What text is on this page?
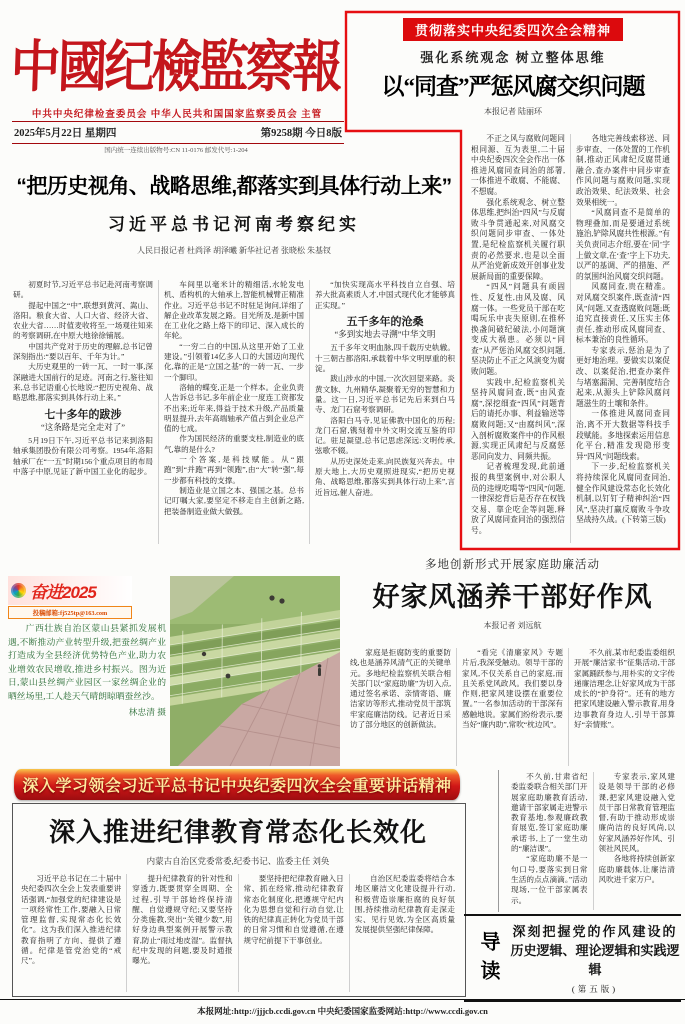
中國纪檢監察報
中共中央纪律检查委员会 中华人民共和国国家监察委员会 主管
2025年5月22日 星期四	第9258期 今日8版
国内统一连续出版物号:CN 11-0176 邮发代号:1-204
贯彻落实中央纪委四次全会精神
强化系统观念 树立整体思维
以“同查”严惩风腐交织问题
本报记者 陆丽环

不正之风与腐败问题同根同源、互为表里,二十届中央纪委四次全会作出一体推进风腐同查同治的部署,一体推进不敢腐、不能腐、不想腐。

强化系统观念、树立整体思维,把纠治“四风”与反腐败斗争贯通起来,对风腐交织问题同步审查、一体处置,是纪检监察机关履行职责的必然要求,也是以全面从严治党新成效开创事业发展新局面的重要保障。

“四风”问题具有顽固性、反复性,由风及腐、风腐一体。一些党员干部在吃喝玩乐中丧失原则,在推杯换盏间破纪破法,小问题演变成大祸患。必须以“同查”从严惩治风腐交织问题,坚决防止不正之风演变为腐败问题。

实践中,纪检监察机关坚持风腐同查,既“由风查腐”,深挖细查“四风”问题背后的请托办事、利益输送等腐败问题;又“由腐纠风”,深入剖析腐败案件中的作风根源,实现正风肃纪与反腐惩恶同向发力、同频共振。

记者梳理发现,此前通报的典型案例中,对公职人员的违规吃喝等“四风”问题,一律深挖背后是否存在权钱交易、靠企吃企等问题,释放了风腐同查同治的强烈信号。

各地完善线索移送、同步审查、一体处置的工作机制,推动正风肃纪反腐贯通融合,查办案件中同步审查作风问题与腐败问题,实现政治效果、纪法效果、社会效果相统一。

“风腐同查不是简单的物理叠加,而是要通过系统施治,铲除风腐共性根源。”有关负责同志介绍,要在‘同’字上做文章,在‘查’字上下功夫,以严的基调、严的措施、严的氛围纠治风腐交织问题。

风腐同查,贵在精准。对风腐交织案件,既查清“四风”问题,又查透腐败问题;既追究直接责任,又压实主体责任,推动形成风腐同查、标本兼治的良性循环。

专家表示,惩治是为了更好地治理。要做实以案促改、以案促治,把查办案件与堵塞漏洞、完善制度结合起来,从源头上铲除风腐问题滋生的土壤和条件。

一体推进风腐同查同治,离不开大数据等科技手段赋能。多地探索运用信息化平台,精准发现隐形变异“四风”问题线索。

下一步,纪检监察机关将持续深化风腐同查同治,健全作风建设常态化长效化机制,以钉钉子精神纠治“四风”,坚决打赢反腐败斗争攻坚战持久战。(下转第三版)

“把历史视角、战略思维,都落实到具体行动上来”
习近平总书记河南考察纪实
人民日报记者 杜尚泽 胡泽曦 新华社记者 张晓松 朱基钗

初夏时节,习近平总书记赴河南考察调研。

提起中国之“中”,联想到黄河、嵩山、洛阳。粮食大省、人口大省、经济大省、农业大省……时值麦收将至,一场观往知来的考察调研,在中原大地徐徐铺展。

中国共产党对于历史的理解,总书记曾深刻指出:“要以百年、千年为计。”

大历史观里的一砖一瓦、一时一事,深深融进大国前行的足迹。河南之行,鉴往知来,总书记语重心长地说:“把历史视角、战略思维,都落实到具体行动上来。”

七十多年的跋涉
“这条路是完全走对了”

5月19日下午,习近平总书记来到洛阳轴承集团股份有限公司考察。1954年,洛阳轴承厂在“一五”时期156个重点项目的布局中落子中原,见证了新中国工业化的起步。

车间里以毫米计的精细活,水轮发电机、盾构机的大轴承上,智能机械臂正精准作业。习近平总书记不时驻足询问,详细了解企业改革发展之路。目光所及,是新中国在工业化之路上烙下的印记、深入成长的年轮。

“一穷二白的中国,从这里开始了工业建设。”引领着14亿多人口的大国迈向现代化,靠的正是“立国之基”的一砖一瓦、一步一个脚印。

洛轴的蝶变,正是一个样本。企业负责人告诉总书记,多年前企业一度连工资都发不出来;近年来,得益于技术升级,产品质量明显提升,去年高端轴承产值占到企业总产值的七成。

作为国民经济的重要支柱,制造业的底气,靠的是什么?

一个答案,是科技赋能。从“跟跑”到“并跑”再到“领跑”,由“大”转“强”,每一步都有科技的支撑。

制造业是立国之本、强国之基。总书记叮嘱大家,要坚定不移走自主创新之路,把装备制造业做大做强。

“加快实现高水平科技自立自强、培养大批高素质人才,中国式现代化才能够真正实现。”

五千多年的沧桑
“多到实地去寻溯”中华文明

五千多年文明血脉,四千载历史轨辙。十三朝古都洛阳,承载着中华文明厚重的积淀。

跋山涉水的中国,一次次回望来路。炎黄文脉、九州精华,凝聚着无穷的智慧和力量。这一日,习近平总书记先后来到白马寺、龙门石窟考察调研。

洛阳白马寺,见证佛教中国化的历程;龙门石窟,镌刻着中外文明交流互鉴的印记。驻足凝望,总书记思虑深远:文明传承,弦歌不辍。

从历史深处走来,向民族复兴奔去。中原大地上,大历史观照进现实,“把历史视角、战略思维,都落实到具体行动上来”,言近旨远,催人奋进。

奋进2025
投稿邮箱:fj525tp@163.com
广西壮族自治区蒙山县紧抓发展机遇,不断推动产业转型升级,把蚕丝绸产业打造成为全县经济优势特色产业,助力农业增效农民增收,推进乡村振兴。图为近日,蒙山县丝绸产业园区一家丝绸企业的晒丝场里,工人趁天气晴朗晾晒蚕丝沙。
林忠清 摄
多地创新形式开展家庭助廉活动
好家风涵养干部好作风
本报记者 刘远航

家庭是拒腐防变的重要防线,也是涵养风清气正的关键单元。多地纪检监察机关联合相关部门以“家庭助廉”为切入点,通过签名承诺、亲情寄语、廉洁家访等形式,推动党员干部筑牢家庭廉洁防线。记者近日采访了部分地区的创新做法。

“看完《清廉家风》专题片后,我深受触动。领导干部的家风,不仅关系自己的家庭,而且关系党风政风。我们要以身作则,把家风建设摆在重要位置。”一名参加活动的干部深有感触地说。家属们纷纷表示,要当好“廉内助”,常吹“枕边风”。

不久前,某市纪委监委组织开展“廉洁家书”征集活动,干部家属踊跃参与,用朴实的文字传递廉洁理念,让好家风成为干部成长的“护身符”。还有的地方把家风建设融入警示教育,用身边事教育身边人,引导干部算好“亲情账”。

不久前,甘肃省纪委监委联合相关部门开展家庭助廉教育活动,邀请干部家属走进警示教育基地,参观廉政教育展览,签订家庭助廉承诺书,上了一堂生动的“廉洁课”。

“家庭助廉不是一句口号,要落实到日常生活的点点滴滴。”活动现场,一位干部家属表示。

专家表示,家风建设是领导干部的必修课,把家风建设融入党员干部日常教育管理监督,有助于推动形成崇廉尚洁的良好风尚,以好家风涵养好作风、引领社风民风。

各地将持续创新家庭助廉载体,让廉洁清风吹进千家万户。

深入学习领会习近平总书记中央纪委四次全会重要讲话精神
深入推进纪律教育常态化长效化
内蒙古自治区党委常委,纪委书记、监委主任 刘奂

习近平总书记在二十届中央纪委四次全会上发表重要讲话强调,“加强党的纪律建设是一项经常性工作,要融入日常管理监督,实现常态化长效化”。这为我们深入推进纪律教育指明了方向、提供了遵循。纪律是管党治党的“戒尺”。

提升纪律教育的针对性和穿透力,既要贯穿全周期、全过程,引导干部始终保持清醒、自觉遵规守纪;又要坚持分类施教,突出“关键少数”,用好身边典型案例开展警示教育,防止“雨过地皮湿”。监督执纪中发现的问题,要及时通报曝光。

要坚持把纪律教育融入日常、抓在经常,推动纪律教育常态化制度化,把遵规守纪内化为思想自觉和行动自觉,让铁的纪律真正转化为党员干部的日常习惯和自觉遵循,在遵规守纪前提下干事创业。

自治区纪委监委将结合本地区廉洁文化建设提升行动,积极营造崇廉拒腐的良好氛围,持续推动纪律教育走深走实、见行见效,为全区高质量发展提供坚强纪律保障。

导读	深刻把握党的作风建设的
历史逻辑、理论逻辑和实践逻辑
(第五版)
本报网址:http://jjjcb.ccdi.gov.cn 中央纪委国家监委网站:http://www.ccdi.gov.cn
